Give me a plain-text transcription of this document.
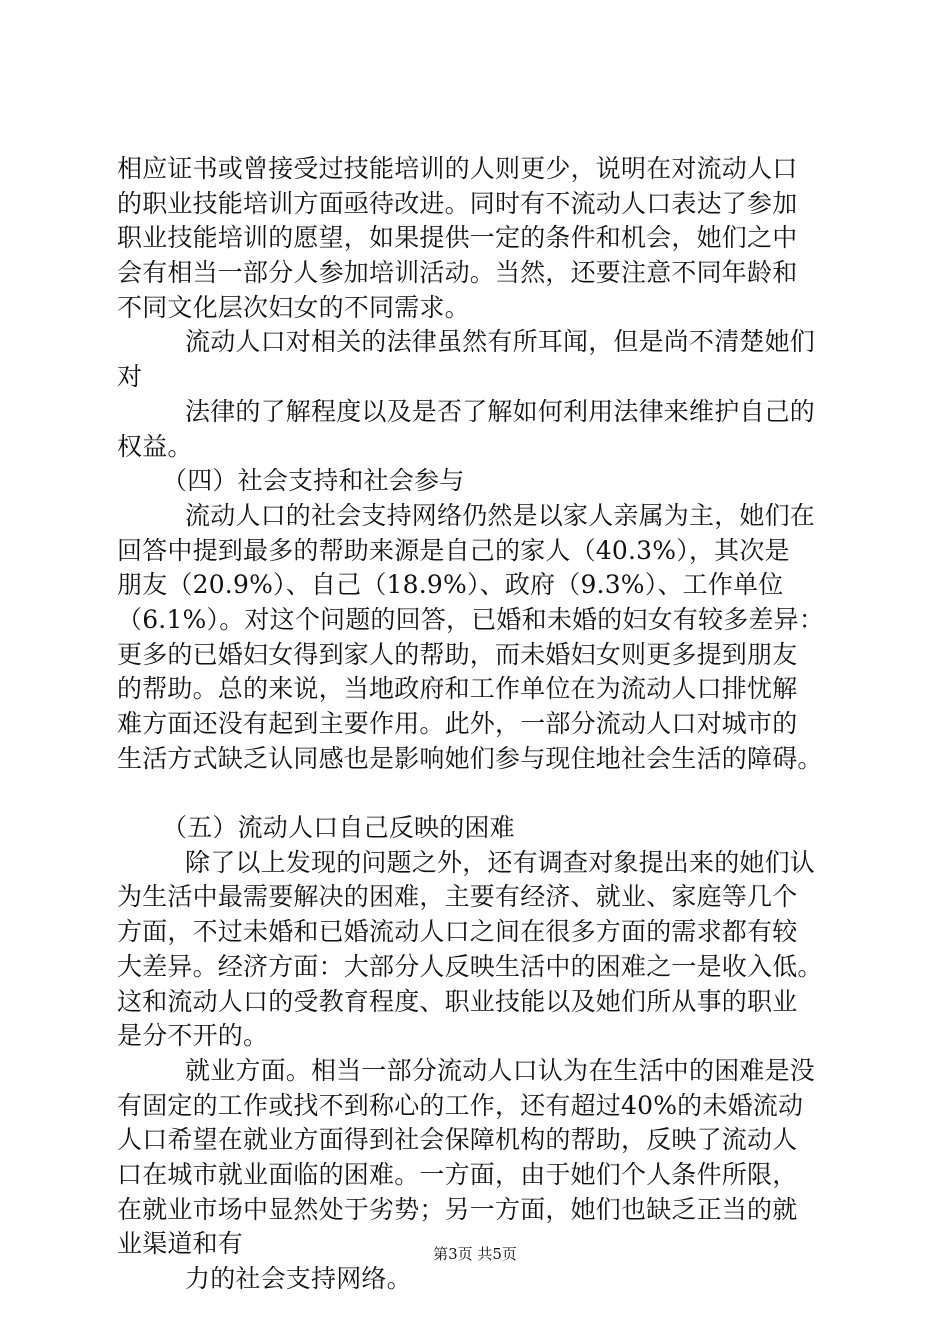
相应证书或曾接受过技能培训的人则更少，说明在对流动人口
的职业技能培训方面亟待改进。同时有不流动人口表达了参加
职业技能培训的愿望，如果提供一定的条件和机会，她们之中
会有相当一部分人参加培训活动。当然，还要注意不同年龄和
不同文化层次妇女的不同需求。
流动人口对相关的法律虽然有所耳闻，但是尚不清楚她们
对
法律的了解程度以及是否了解如何利用法律来维护自己的
权益。
（四）社会支持和社会参与
流动人口的社会支持网络仍然是以家人亲属为主，她们在
回答中提到最多的帮助来源是自己的家人（40.3%），其次是
朋友（20.9%）、自己（18.9%）、政府（9.3%）、工作单位
（6.1%）。对这个问题的回答，已婚和未婚的妇女有较多差异：
更多的已婚妇女得到家人的帮助，而未婚妇女则更多提到朋友
的帮助。总的来说，当地政府和工作单位在为流动人口排忧解
难方面还没有起到主要作用。此外，一部分流动人口对城市的
生活方式缺乏认同感也是影响她们参与现住地社会生活的障碍。
（五）流动人口自己反映的困难
除了以上发现的问题之外，还有调查对象提出来的她们认
为生活中最需要解决的困难，主要有经济、就业、家庭等几个
方面，不过未婚和已婚流动人口之间在很多方面的需求都有较
大差异。经济方面：大部分人反映生活中的困难之一是收入低。
这和流动人口的受教育程度、职业技能以及她们所从事的职业
是分不开的。
就业方面。相当一部分流动人口认为在生活中的困难是没
有固定的工作或找不到称心的工作，还有超过40%的未婚流动
人口希望在就业方面得到社会保障机构的帮助，反映了流动人
口在城市就业面临的困难。一方面，由于她们个人条件所限，
在就业市场中显然处于劣势；另一方面，她们也缺乏正当的就
业渠道和有
力的社会支持网络。
第3页 共5页
